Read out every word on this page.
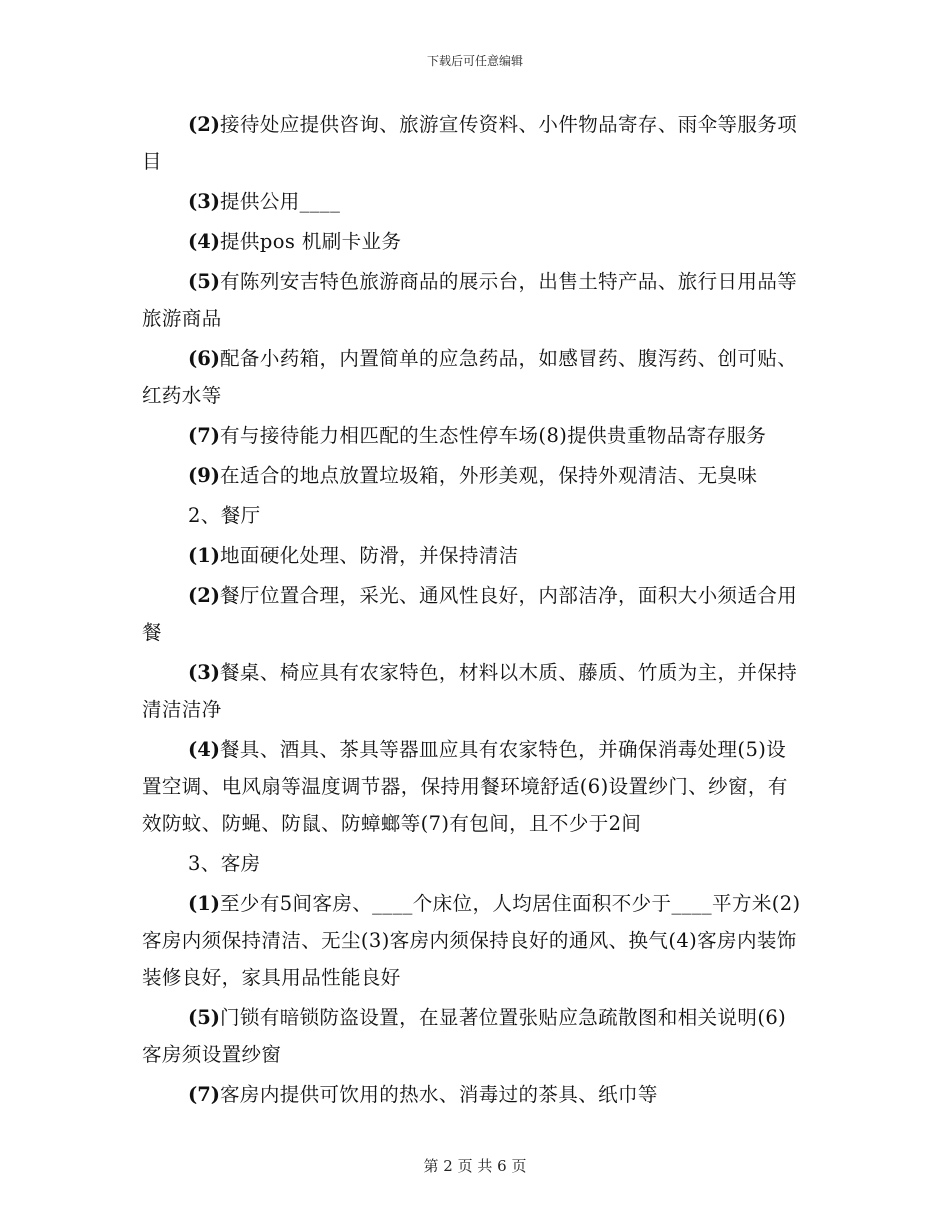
下载后可任意编辑

(2)接待处应提供咨询、旅游宣传资料、小件物品寄存、雨伞等服务项目

(3)提供公用____

(4)提供pos 机刷卡业务

(5)有陈列安吉特色旅游商品的展示台，出售土特产品、旅行日用品等旅游商品

(6)配备小药箱，内置简单的应急药品，如感冒药、腹泻药、创可贴、红药水等

(7)有与接待能力相匹配的生态性停车场(8)提供贵重物品寄存服务

(9)在适合的地点放置垃圾箱，外形美观，保持外观清洁、无臭味

2、餐厅

(1)地面硬化处理、防滑，并保持清洁

(2)餐厅位置合理，采光、通风性良好，内部洁净，面积大小须适合用餐

(3)餐桌、椅应具有农家特色，材料以木质、藤质、竹质为主，并保持清洁洁净

(4)餐具、酒具、茶具等器皿应具有农家特色，并确保消毒处理(5)设置空调、电风扇等温度调节器，保持用餐环境舒适(6)设置纱门、纱窗，有效防蚊、防蝇、防鼠、防蟑螂等(7)有包间，且不少于2间

3、客房

(1)至少有5间客房、____个床位，人均居住面积不少于____平方米(2)客房内须保持清洁、无尘(3)客房内须保持良好的通风、换气(4)客房内装饰装修良好，家具用品性能良好

(5)门锁有暗锁防盗设置，在显著位置张贴应急疏散图和相关说明(6)客房须设置纱窗

(7)客房内提供可饮用的热水、消毒过的茶具、纸巾等

第 2 页 共 6 页
